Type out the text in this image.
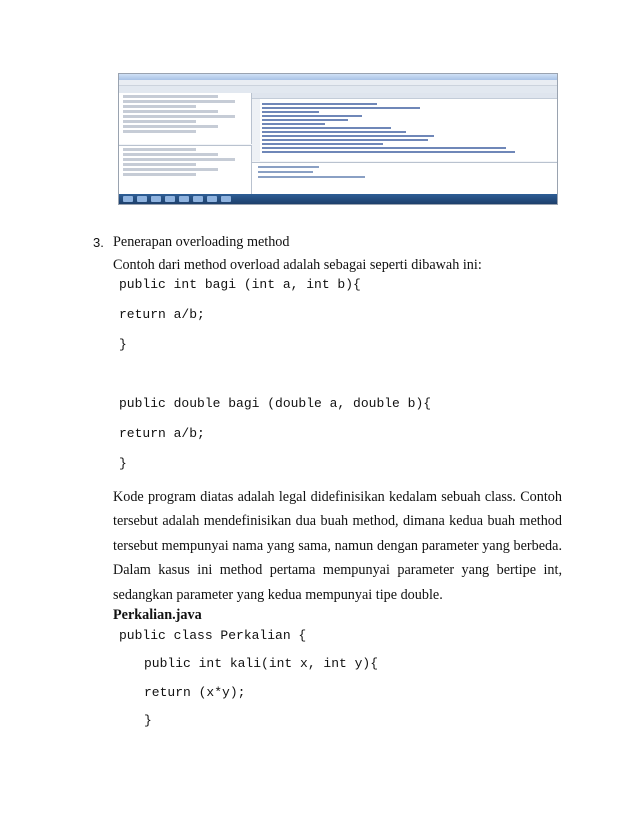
3. Penerapan overloading method
Contoh dari method overload adalah sebagai seperti dibawah ini:
public int bagi (int a, int b){
return a/b;
}
public double bagi (double a, double b){
return a/b;
}
Kode program diatas adalah legal didefinisikan kedalam sebuah class. Contoh tersebut adalah mendefinisikan dua buah method, dimana kedua buah method tersebut mempunyai nama yang sama, namun dengan parameter yang berbeda. Dalam kasus ini method pertama mempunyai parameter yang bertipe int, sedangkan parameter yang kedua mempunyai tipe double.
Perkalian.java
public class Perkalian {
public int kali(int x, int y){
return (x*y);
}
